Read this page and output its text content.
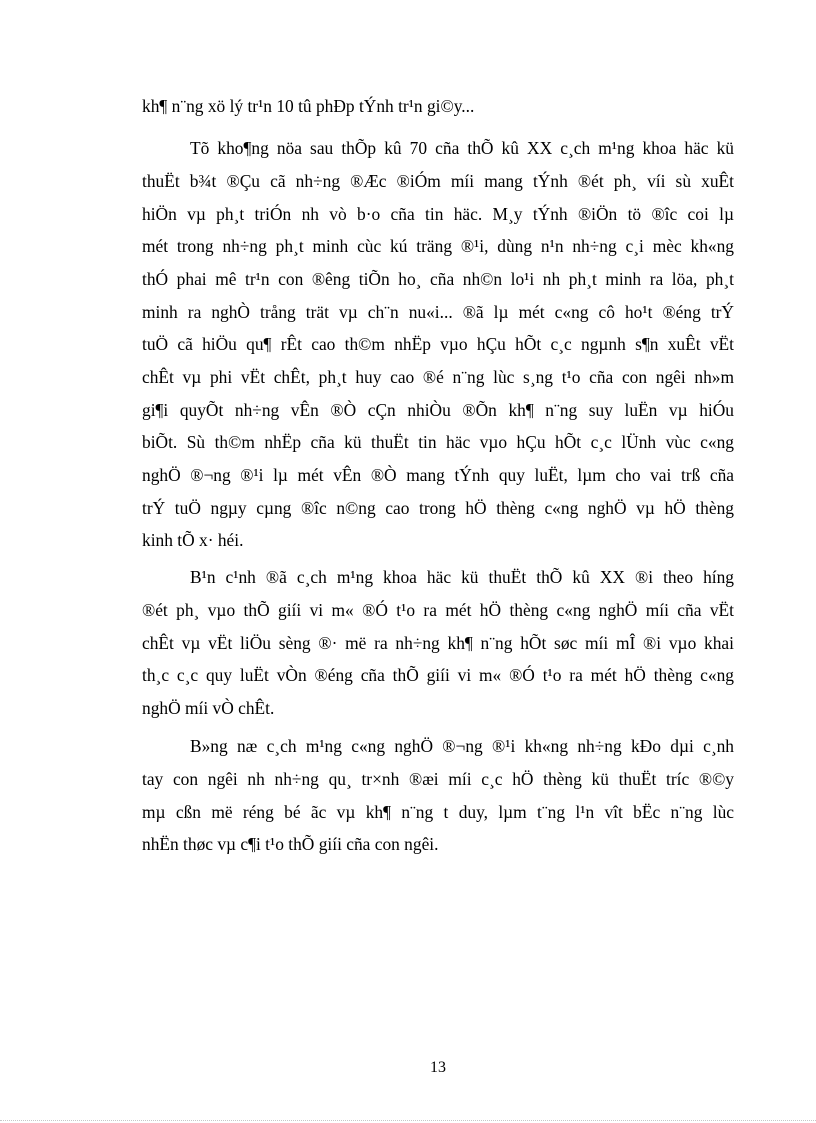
kh¶ n¨ng xö lý tr¹n 10 tû phÐp tÝnh tr¹n gi©y...
Tõ kho¶ng nöa sau thÕp kû 70 cña thÕ kû XX c¸ch m¹ng khoa häc kü
thuËt b¾t ®Çu cã nh÷ng ®Æc ®iÓm míi mang tÝnh ®ét ph¸ víi sù xuÊt
hiÖn vµ ph¸t triÓn nh vò b·o cña tin häc. M¸y tÝnh ®iÖn tö ®îc coi lµ
mét trong nh÷ng ph¸t minh cùc kú träng ®¹i, dùng n¹n nh÷ng c¸i mèc kh«ng
thÓ phai mê tr¹n con ®êng tiÕn ho¸ cña nh©n lo¹i nh ph¸t minh ra löa, ph¸t
minh ra nghÒ trång trät vµ ch¨n nu«i... ®ã lµ mét c«ng cô ho¹t ®éng trÝ
tuÖ cã hiÖu qu¶ rÊt cao th©m nhËp vµo hÇu hÕt c¸c ngµnh s¶n xuÊt vËt
chÊt vµ phi vËt chÊt, ph¸t huy cao ®é n¨ng lùc s¸ng t¹o cña con ngêi nh»m
gi¶i quyÕt nh÷ng vÊn ®Ò cÇn nhiÒu ®Õn kh¶ n¨ng suy luËn vµ hiÓu
biÕt. Sù th©m nhËp cña kü thuËt tin häc vµo hÇu hÕt c¸c lÜnh vùc c«ng
nghÖ ®¬ng ®¹i lµ mét vÊn ®Ò mang tÝnh quy luËt, lµm cho vai trß cña
trÝ tuÖ ngµy cµng ®îc n©ng cao trong hÖ thèng c«ng nghÖ vµ hÖ thèng
kinh tÕ x· héi.
B¹n c¹nh ®ã c¸ch m¹ng khoa häc kü thuËt thÕ kû XX ®i theo híng
®ét ph¸ vµo thÕ giíi vi m« ®Ó t¹o ra mét hÖ thèng c«ng nghÖ míi cña vËt
chÊt vµ vËt liÖu sèng ®· më ra nh÷ng kh¶ n¨ng hÕt søc míi mÎ ®i vµo khai
th¸c c¸c quy luËt vÒn ®éng cña thÕ giíi vi m« ®Ó t¹o ra mét hÖ thèng c«ng
nghÖ míi vÒ chÊt.
B»ng næ c¸ch m¹ng c«ng nghÖ ®¬ng ®¹i kh«ng nh÷ng kÐo dµi c¸nh
tay con ngêi nh nh÷ng qu¸ tr×nh ®æi míi c¸c hÖ thèng kü thuËt tríc ®©y
mµ cßn më réng bé ãc vµ kh¶ n¨ng t duy, lµm t¨ng l¹n vît bËc n¨ng lùc
nhËn thøc vµ c¶i t¹o thÕ giíi cña con ngêi.
13
